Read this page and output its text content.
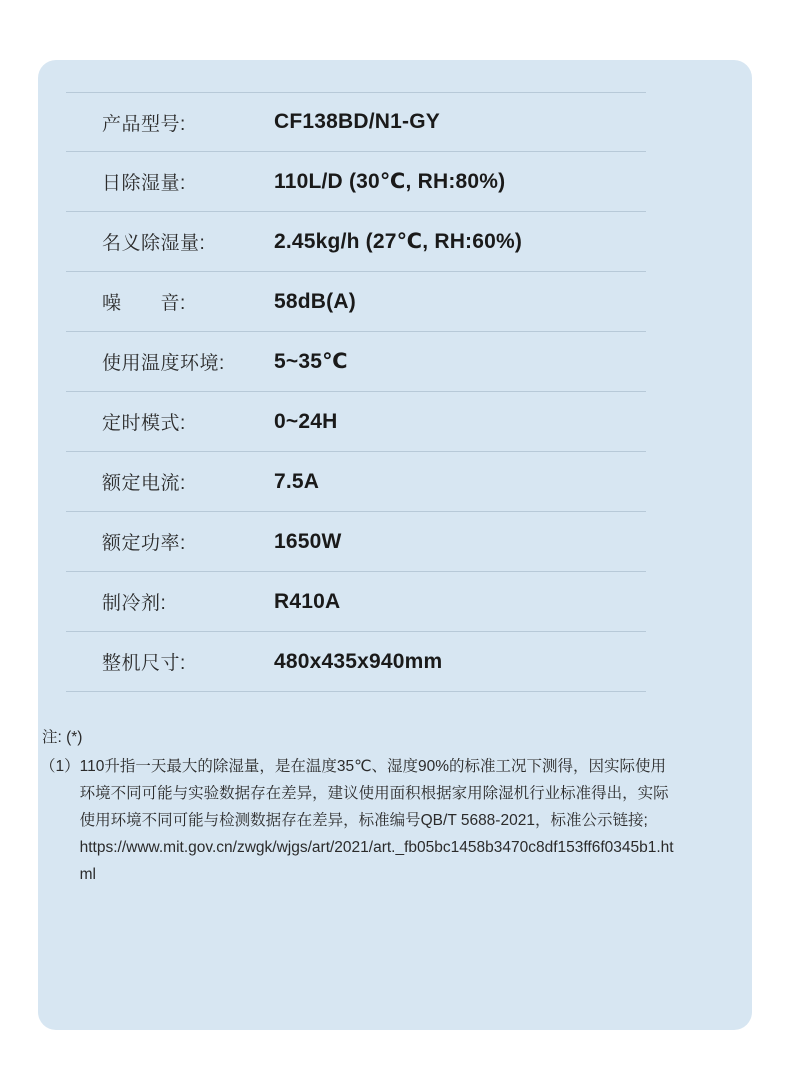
产品型号:	CF138BD/N1-GY
日除湿量:	110L/D (30℃, RH:80%)
名义除湿量:	2.45kg/h (27℃, RH:60%)
噪　　音:	58dB(A)
使用温度环境:	5~35℃
定时模式:	0~24H
额定电流:	7.5A
额定功率:	1650W
制冷剂:	R410A
整机尺寸:	480x435x940mm
注: (*)
（1） 110升指一天最大的除湿量，是在温度35℃、湿度90%的标准工况下测得，因实际使用环境不同可能与实验数据存在差异，建议使用面积根据家用除湿机行业标准得出，实际使用环境不同可能与检测数据存在差异，标准编号QB/T 5688-2021，标准公示链接; https://www.mit.gov.cn/zwgk/wjgs/art/2021/art._fb05bc1458b3470c8df153ff6f0345b1.html
